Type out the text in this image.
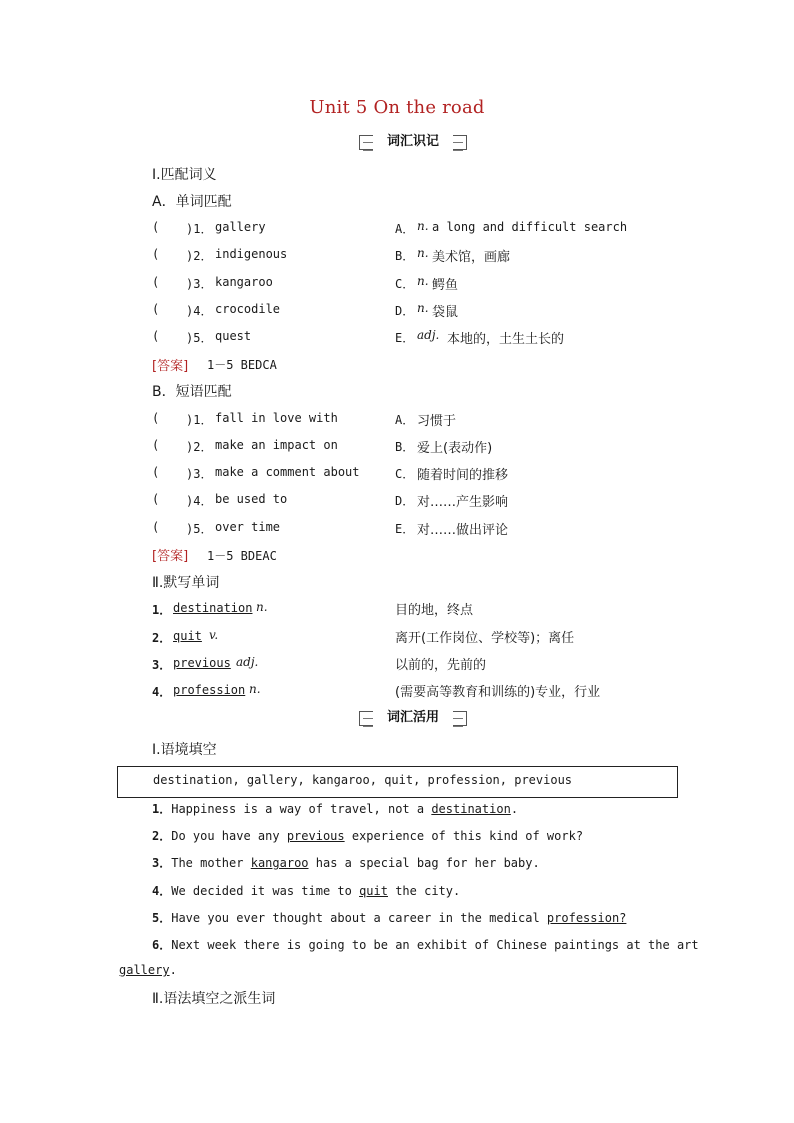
Unit 5 On the road
词汇识记
Ⅰ.匹配词义
A．单词匹配
( )1． gallery	A． n. a long and difficult search
( )2． indigenous	B． n. 美术馆，画廊
( )3． kangaroo	C． n. 鳄鱼
( )4． crocodile	D． n. 袋鼠
( )5． quest	E． adj. 本地的，土生土长的
[答案] 1－5 BEDCA
B．短语匹配
( )1． fall in love with	A． 习惯于
( )2． make an impact on	B． 爱上(表动作)
( )3． make a comment about	C． 随着时间的推移
( )4． be used to	D． 对……产生影响
( )5． over time	E． 对……做出评论
[答案] 1－5 BDEAC
Ⅱ.默写单词
1． destination n.	目的地，终点
2． quit v.	离开(工作岗位、学校等)；离任
3． previous adj.	以前的，先前的
4． profession n.	(需要高等教育和训练的)专业，行业
词汇活用
Ⅰ.语境填空
destination, gallery, kangaroo, quit, profession, previous
1．Happiness is a way of travel, not a destination.
2．Do you have any previous experience of this kind of work?
3．The mother kangaroo has a special bag for her baby.
4．We decided it was time to quit the city.
5．Have you ever thought about a career in the medical profession?
6．Next week there is going to be an exhibit of Chinese paintings at the art
gallery.
Ⅱ.语法填空之派生词
